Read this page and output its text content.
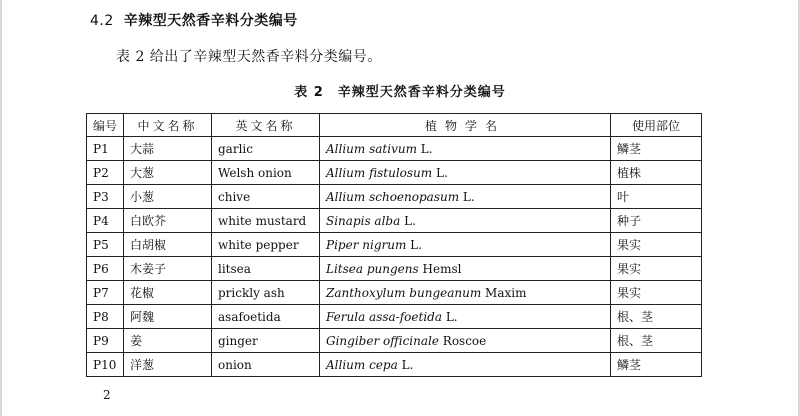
4.2 辛辣型天然香辛料分类编号
表 2 给出了辛辣型天然香辛料分类编号。
表 2 辛辣型天然香辛料分类编号
编号	中文名称	英文名称	植物学名	使用部位
P1	大蒜	garlic	Allium sativum L.	鳞茎
P2	大葱	Welsh onion	Allium fistulosum L.	植株
P3	小葱	chive	Allium schoenopasum L.	叶
P4	白欧芥	white mustard	Sinapis alba L.	种子
P5	白胡椒	white pepper	Piper nigrum L.	果实
P6	木姜子	litsea	Litsea pungens Hemsl	果实
P7	花椒	prickly ash	Zanthoxylum bungeanum Maxim	果实
P8	阿魏	asafoetida	Ferula assa-foetida L.	根、茎
P9	姜	ginger	Gingiber officinale Roscoe	根、茎
P10	洋葱	onion	Allium cepa L.	鳞茎
2
